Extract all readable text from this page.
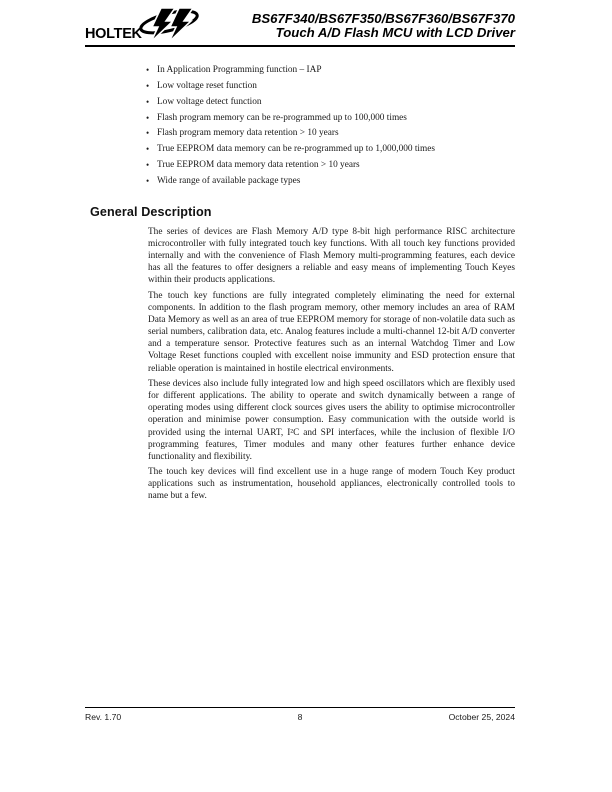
HOLTEK
BS67F340/BS67F350/BS67F360/BS67F370
Touch A/D Flash MCU with LCD Driver
• In Application Programming function – IAP
• Low voltage reset function
• Low voltage detect function
• Flash program memory can be re-programmed up to 100,000 times
• Flash program memory data retention > 10 years
• True EEPROM data memory can be re-programmed up to 1,000,000 times
• True EEPROM data memory data retention > 10 years
• Wide range of available package types
General Description

The series of devices are Flash Memory A/D type 8-bit high performance RISC architecture microcontroller with fully integrated touch key functions. With all touch key functions provided internally and with the convenience of Flash Memory multi-programming features, each device has all the features to offer designers a reliable and easy means of implementing Touch Keyes within their products applications.

The touch key functions are fully integrated completely eliminating the need for external components. In addition to the flash program memory, other memory includes an area of RAM Data Memory as well as an area of true EEPROM memory for storage of non-volatile data such as serial numbers, calibration data, etc. Analog features include a multi-channel 12-bit A/D converter and a temperature sensor. Protective features such as an internal Watchdog Timer and Low Voltage Reset functions coupled with excellent noise immunity and ESD protection ensure that reliable operation is maintained in hostile electrical environments.

These devices also include fully integrated low and high speed oscillators which are flexibly used for different applications. The ability to operate and switch dynamically between a range of operating modes using different clock sources gives users the ability to optimise microcontroller operation and minimise power consumption. Easy communication with the outside world is provided using the internal UART, I²C and SPI interfaces, while the inclusion of flexible I/O programming features, Timer modules and many other features further enhance device functionality and flexibility.

The touch key devices will find excellent use in a huge range of modern Touch Key product applications such as instrumentation, household appliances, electronically controlled tools to name but a few.

Rev. 1.70	8	October 25, 2024
